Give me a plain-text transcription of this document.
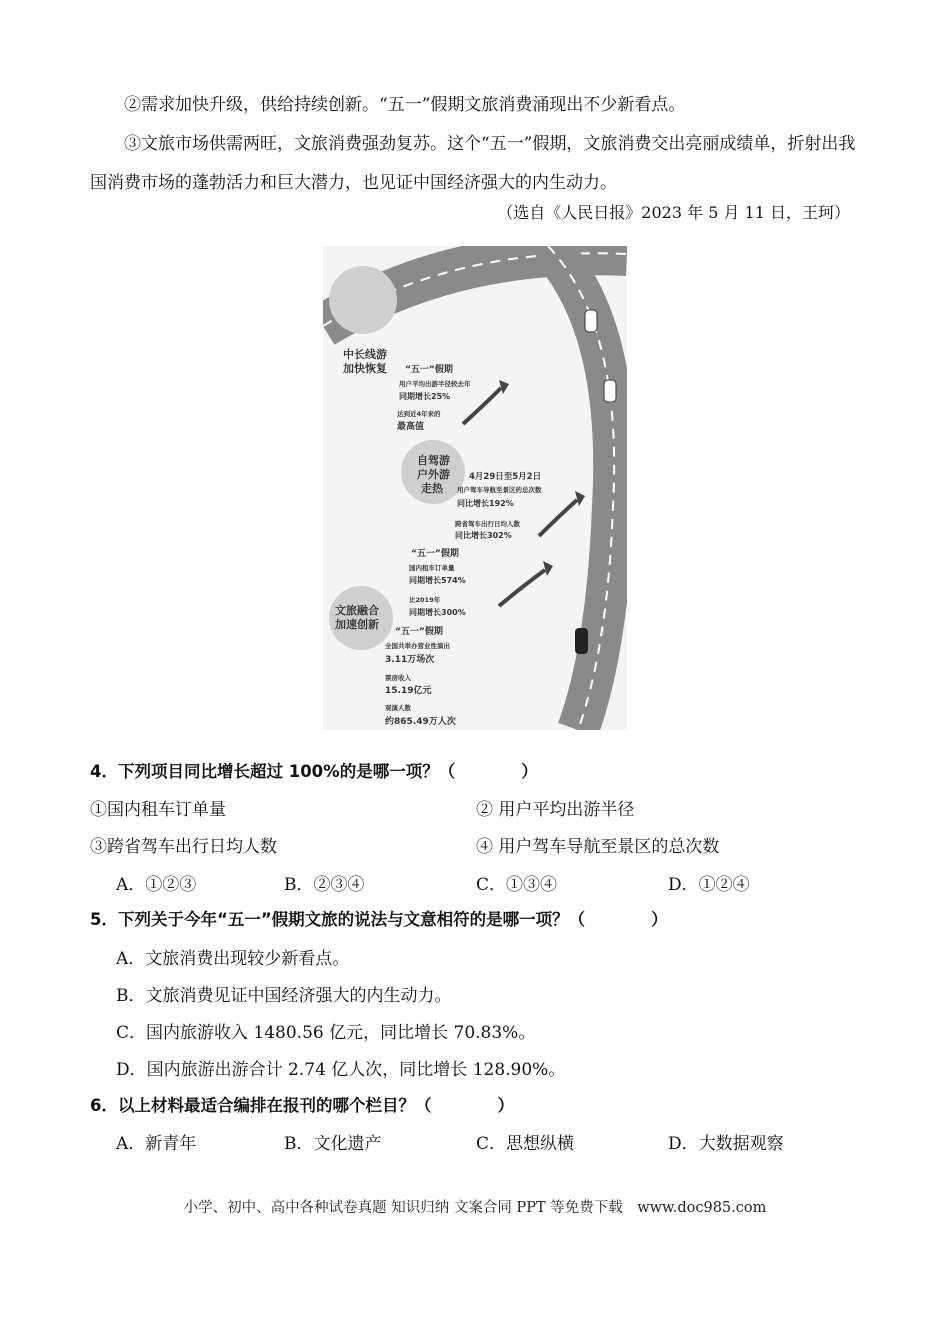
②需求加快升级，供给持续创新。“五一”假期文旅消费涌现出不少新看点。

③文旅市场供需两旺，文旅消费强劲复苏。这个“五一”假期，文旅消费交出亮丽成绩单，折射出我国消费市场的蓬勃活力和巨大潜力，也见证中国经济强大的内生动力。

（选自《人民日报》2023 年 5 月 11 日，王珂）
中长线游
加快恢复 “五一”假期
用户平均出游半径较去年
同期增长25%
达到近4年来的
最高值
自驾游
户外游
走热
4月29日至5月2日
用户驾车导航至景区的总次数
同比增长192%
跨省驾车出行日均人数
同比增长302%
“五一”假期
国内租车订单量
同期增长574%
比2019年
同期增长300%
文旅融合
加速创新
“五一”假期
全国共举办营业性演出
3.11万场次
票房收入
15.19亿元
观演人数
约865.49万人次
4．下列项目同比增长超过 100%的是哪一项？（　　　　）
①国内租车订单量	② 用户平均出游半径
③跨省驾车出行日均人数	④ 用户驾车导航至景区的总次数
A．①②③	B．②③④	C．①③④	D．①②④
5．下列关于今年“五一”假期文旅的说法与文意相符的是哪一项？（　　　　）
A．文旅消费出现较少新看点。
B．文旅消费见证中国经济强大的内生动力。
C．国内旅游收入 1480.56 亿元，同比增长 70.83%。
D．国内旅游出游合计 2.74 亿人次，同比增长 128.90%。
6．以上材料最适合编排在报刊的哪个栏目？（　　　　）
A．新青年	B．文化遗产	C．思想纵横	D．大数据观察
小学、初中、高中各种试卷真题 知识归纳 文案合同 PPT 等免费下载　www.doc985.com
